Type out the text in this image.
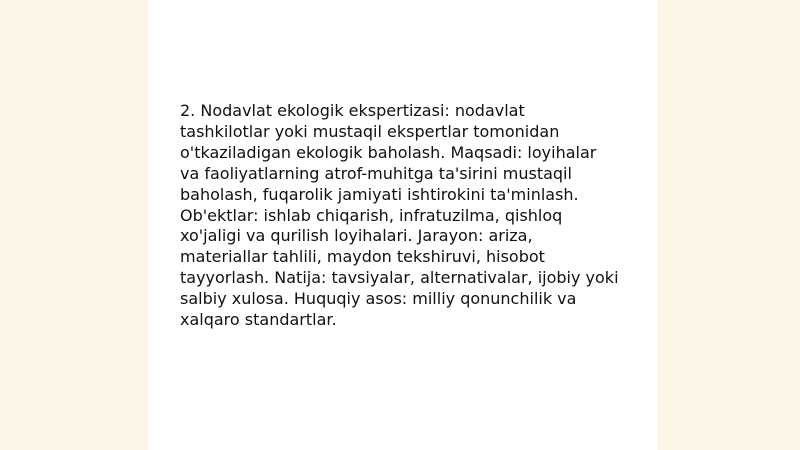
2. Nodavlat ekologik ekspertizasi: nodavlat
tashkilotlar yoki mustaqil ekspertlar tomonidan
o'tkaziladigan ekologik baholash. Maqsadi: loyihalar
va faoliyatlarning atrof-muhitga ta'sirini mustaqil
baholash, fuqarolik jamiyati ishtirokini ta'minlash.
Ob'ektlar: ishlab chiqarish, infratuzilma, qishloq
xo'jaligi va qurilish loyihalari. Jarayon: ariza,
materiallar tahlili, maydon tekshiruvi, hisobot
tayyorlash. Natija: tavsiyalar, alternativalar, ijobiy yoki
salbiy xulosa. Huquqiy asos: milliy qonunchilik va
xalqaro standartlar.
